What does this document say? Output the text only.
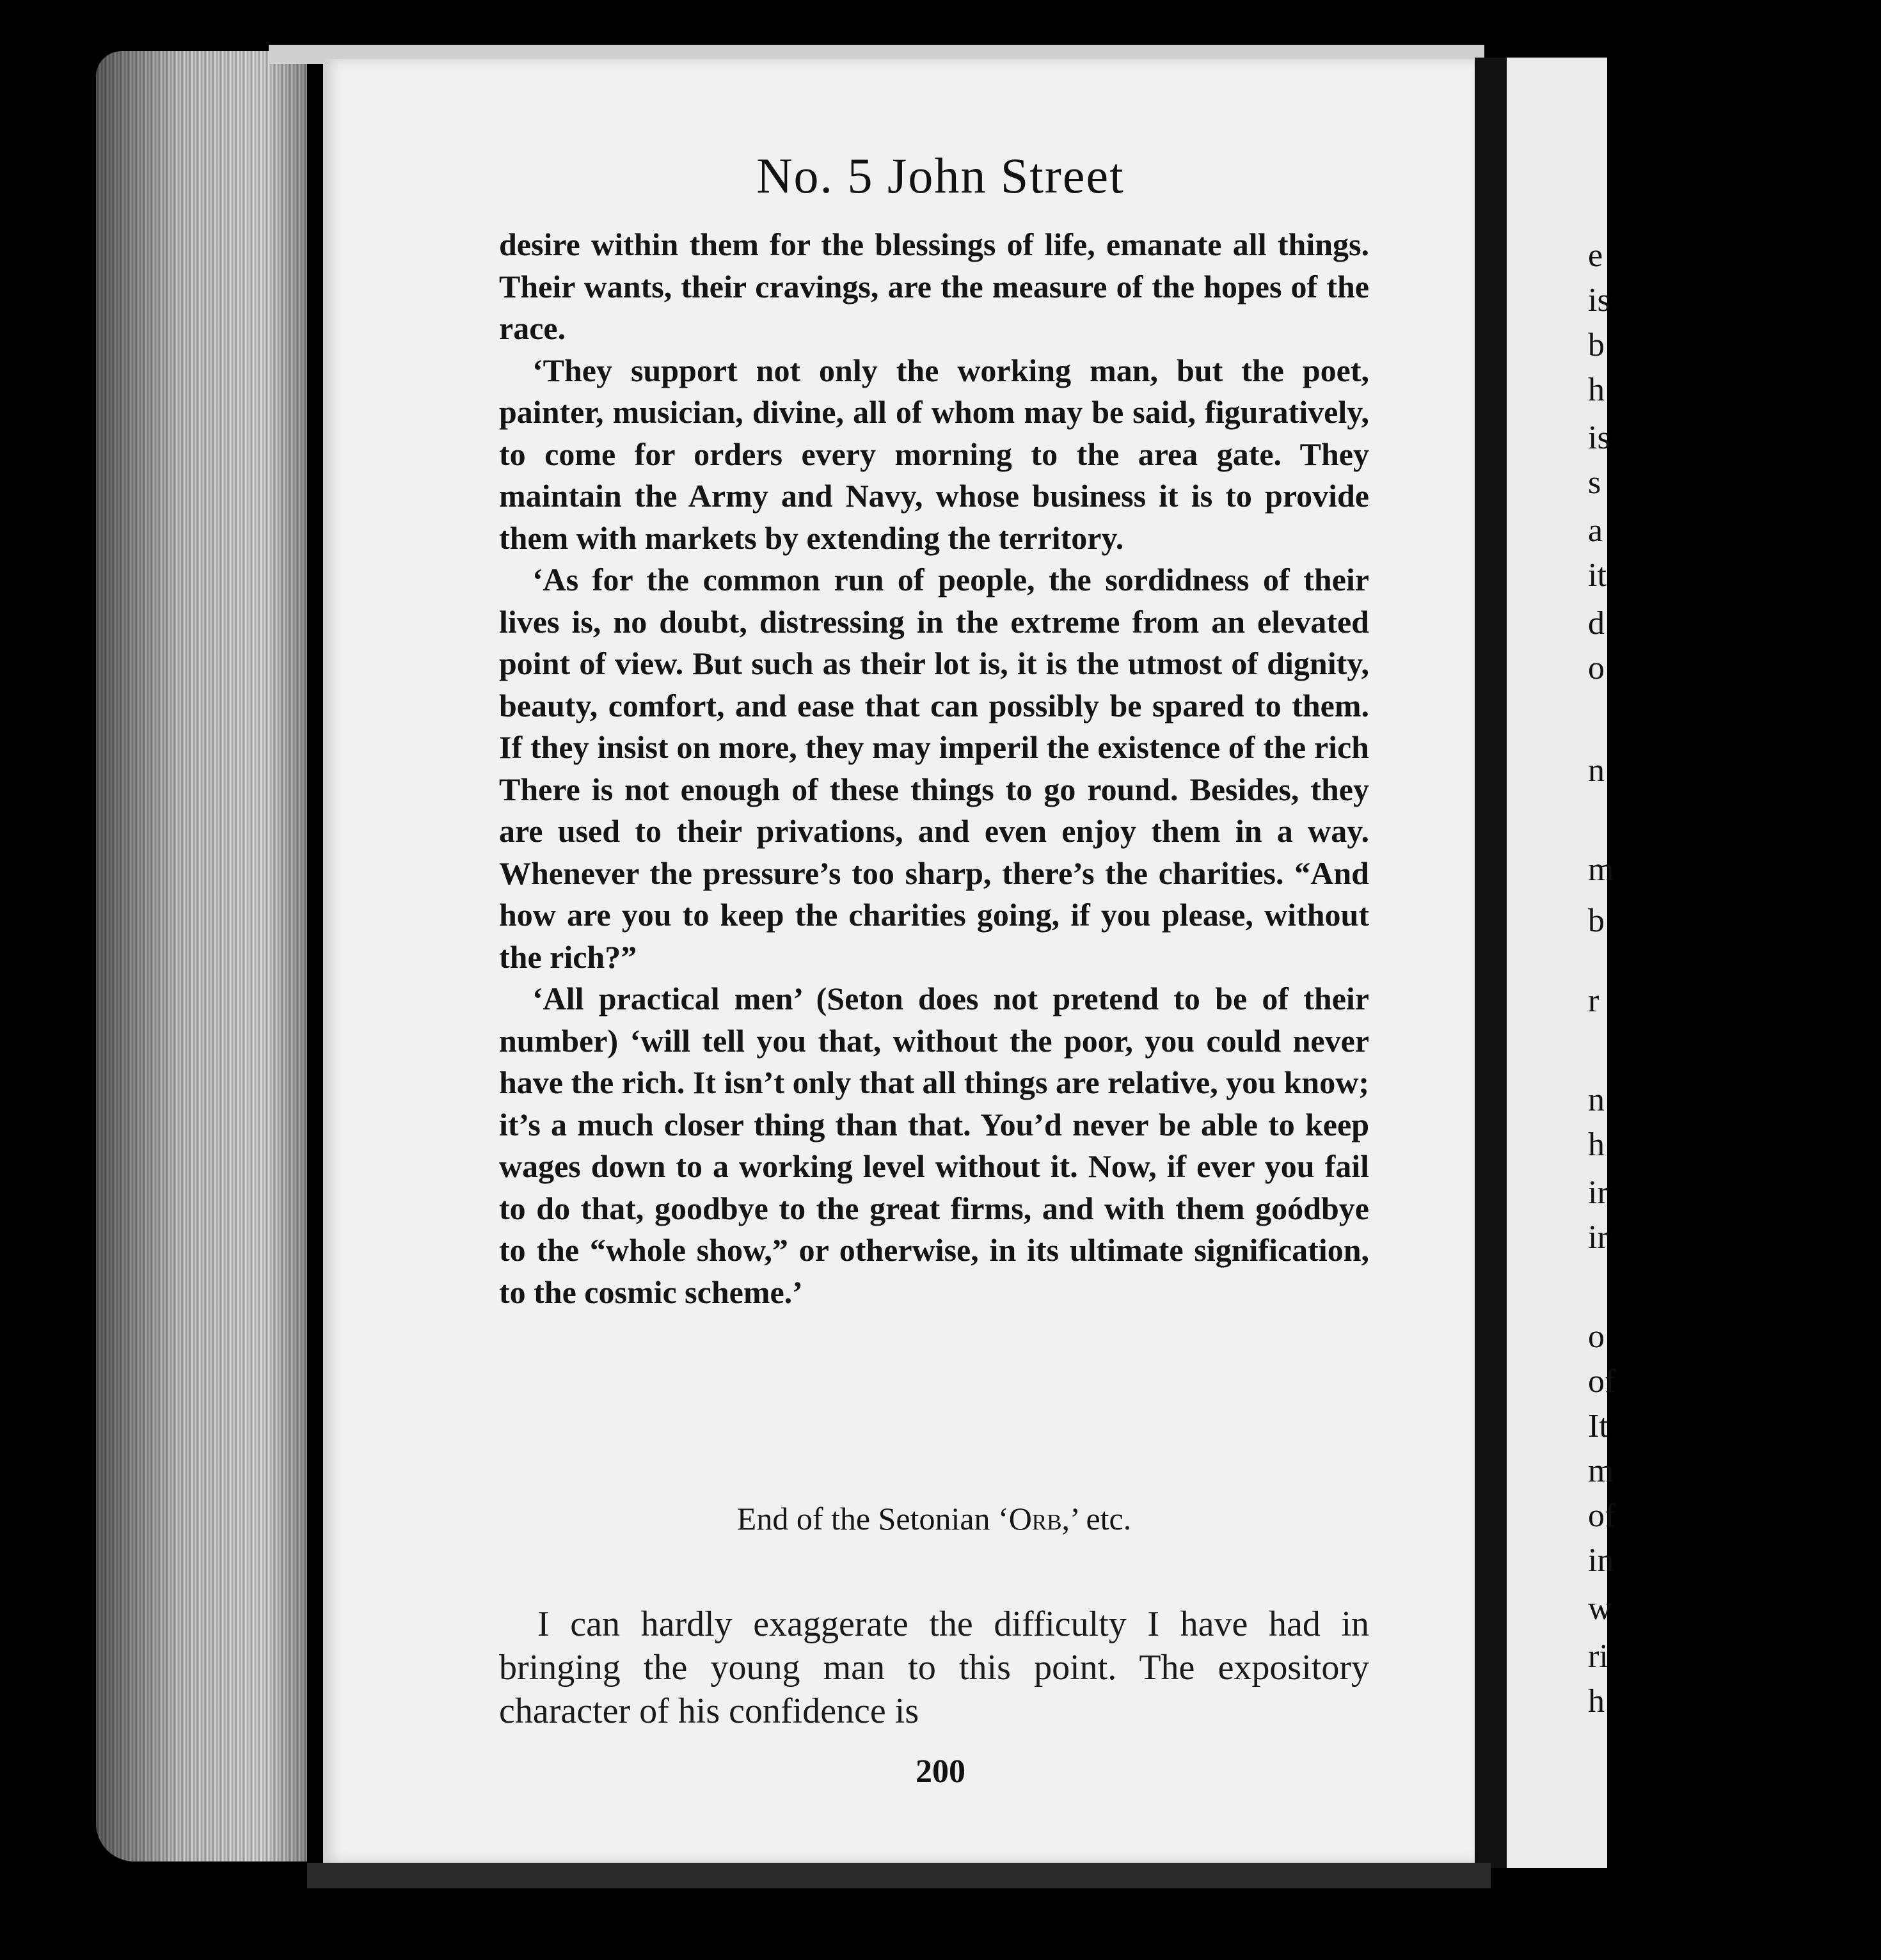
e
is
b
h
is
s
a
it
d
o
n
m
b
r
n
h
ir
ir
o
of
It
m
of
in
w
ri
h
No. 5 John Street

desire within them for the blessings of life, emanate all things. Their wants, their cravings, are the measure of the hopes of the race.

‘They support not only the working man, but the poet, painter, musician, divine, all of whom may be said, figuratively, to come for orders every morning to the area gate. They maintain the Army and Navy, whose business it is to provide them with markets by extending the territory.

‘As for the common run of people, the sordidness of their lives is, no doubt, distressing in the extreme from an elevated point of view. But such as their lot is, it is the utmost of dignity, beauty, comfort, and ease that can possibly be spared to them. If they insist on more, they may imperil the existence of the rich There is not enough of these things to go round. Besides, they are used to their privations, and even enjoy them in a way. Whenever the pressure’s too sharp, there’s the charities. “And how are you to keep the charities going, if you please, without the rich?”

‘All practical men’ (Seton does not pretend to be of their number) ‘will tell you that, without the poor, you could never have the rich. It isn’t only that all things are relative, you know; it’s a much closer thing than that. You’d never be able to keep wages down to a working level without it. Now, if ever you fail to do that, goodbye to the great firms, and with them goódbye to the “whole show,” or otherwise, in its ultimate signification, to the cosmic scheme.’

End of the Setonian ‘Orb,’ etc.
I can hardly exaggerate the difficulty I have had in bringing the young man to this point. The expository character of his confidence is
200
